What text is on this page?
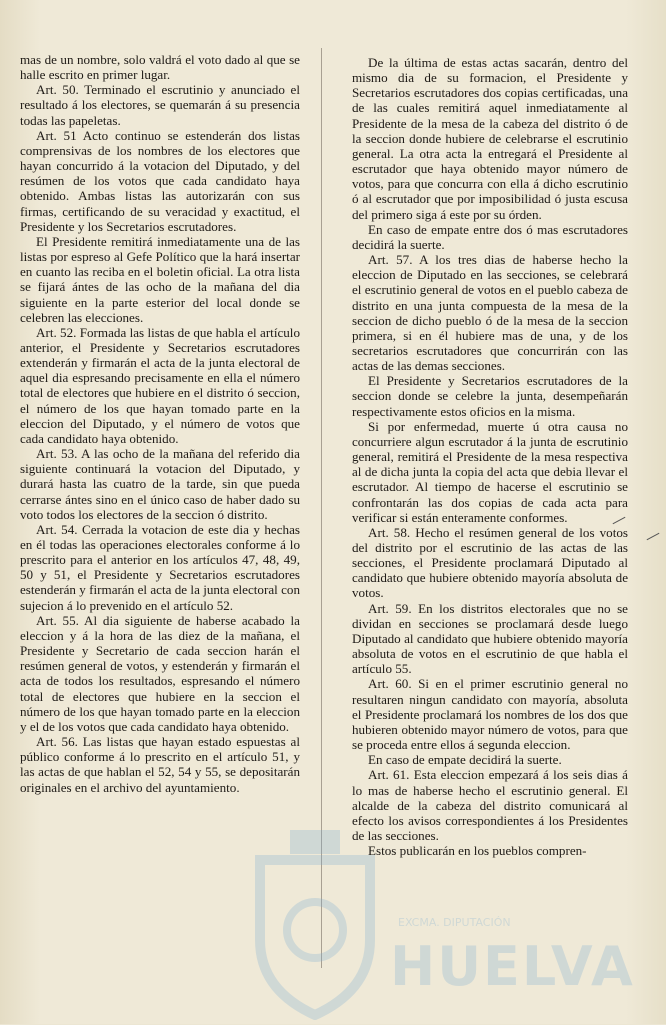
mas de un nombre, solo valdrá el voto dado al que se halle escrito en primer lugar.

Art. 50. Terminado el escrutinio y anunciado el resultado á los electores, se quemarán á su presencia todas las papeletas.

Art. 51 Acto continuo se estenderán dos listas comprensivas de los nombres de los electores que hayan concurrido á la votacion del Diputado, y del resúmen de los votos que cada candidato haya obtenido. Ambas listas las autorizarán con sus firmas, certificando de su veracidad y exactitud, el Presidente y los Secretarios escrutadores.

El Presidente remitirá inmediatamente una de las listas por espreso al Gefe Político que la hará insertar en cuanto las reciba en el boletin oficial. La otra lista se fijará ántes de las ocho de la mañana del dia siguiente en la parte esterior del local donde se celebren las elecciones.

Art. 52. Formada las listas de que habla el artículo anterior, el Presidente y Secretarios escrutadores extenderán y firmarán el acta de la junta electoral de aquel dia espresando precisamente en ella el número total de electores que hubiere en el distrito ó seccion, el número de los que hayan tomado parte en la eleccion del Diputado, y el número de votos que cada candidato haya obtenido.

Art. 53. A las ocho de la mañana del referido dia siguiente continuará la votacion del Diputado, y durará hasta las cuatro de la tarde, sin que pueda cerrarse ántes sino en el único caso de haber dado su voto todos los electores de la seccion ó distrito.

Art. 54. Cerrada la votacion de este dia y hechas en él todas las operaciones electorales conforme á lo prescrito para el anterior en los artículos 47, 48, 49, 50 y 51, el Presidente y Secretarios escrutadores estenderán y firmarán el acta de la junta electoral con sujecion á lo prevenido en el artículo 52.

Art. 55. Al dia siguiente de haberse acabado la eleccion y á la hora de las diez de la mañana, el Presidente y Secretario de cada seccion harán el resúmen general de votos, y estenderán y firmarán el acta de todos los resultados, espresando el número total de electores que hubiere en la seccion el número de los que hayan tomado parte en la eleccion y el de los votos que cada candidato haya obtenido.

Art. 56. Las listas que hayan estado espuestas al público conforme á lo prescrito en el artículo 51, y las actas de que hablan el 52, 54 y 55, se depositarán originales en el archivo del ayuntamiento.

De la última de estas actas sacarán, dentro del mismo dia de su formacion, el Presidente y Secretarios escrutadores dos copias certificadas, una de las cuales remitirá aquel inmediatamente al Presidente de la mesa de la cabeza del distrito ó de la seccion donde hubiere de celebrarse el escrutinio general. La otra acta la entregará el Presidente al escrutador que haya obtenido mayor número de votos, para que concurra con ella á dicho escrutinio ó al escrutador que por imposibilidad ó justa escusa del primero siga á este por su órden.

En caso de empate entre dos ó mas escrutadores decidirá la suerte.

Art. 57. A los tres dias de haberse hecho la eleccion de Diputado en las secciones, se celebrará el escrutinio general de votos en el pueblo cabeza de distrito en una junta compuesta de la mesa de la seccion de dicho pueblo ó de la mesa de la seccion primera, si en él hubiere mas de una, y de los secretarios escrutadores que concurrirán con las actas de las demas secciones.

El Presidente y Secretarios escrutadores de la seccion donde se celebre la junta, desempeñarán respectivamente estos oficios en la misma.

Si por enfermedad, muerte ú otra causa no concurriere algun escrutador á la junta de escrutinio general, remitirá el Presidente de la mesa respectiva al de dicha junta la copia del acta que debia llevar el escrutador. Al tiempo de hacerse el escrutinio se confrontarán las dos copias de cada acta para verificar si están enteramente conformes.

Art. 58. Hecho el resúmen general de los votos del distrito por el escrutinio de las actas de las secciones, el Presidente proclamará Diputado al candidato que hubiere obtenido mayoría absoluta de votos.

Art. 59. En los distritos electorales que no se dividan en secciones se proclamará desde luego Diputado al candidato que hubiere obtenido mayoría absoluta de votos en el escrutinio de que habla el artículo 55.

Art. 60. Si en el primer escrutinio general no resultaren ningun candidato con mayoría, absoluta el Presidente proclamará los nombres de los dos que hubieren obtenido mayor número de votos, para que se proceda entre ellos á segunda eleccion.

En caso de empate decidirá la suerte.

Art. 61. Esta eleccion empezará á los seis dias á lo mas de haberse hecho el escrutinio general. El alcalde de la cabeza del distrito comunicará al efecto los avisos correspondientes á los Presidentes de las secciones.

Estos publicarán en los pueblos compren-

EXCMA. DIPUTACIÓN
HUELVA
